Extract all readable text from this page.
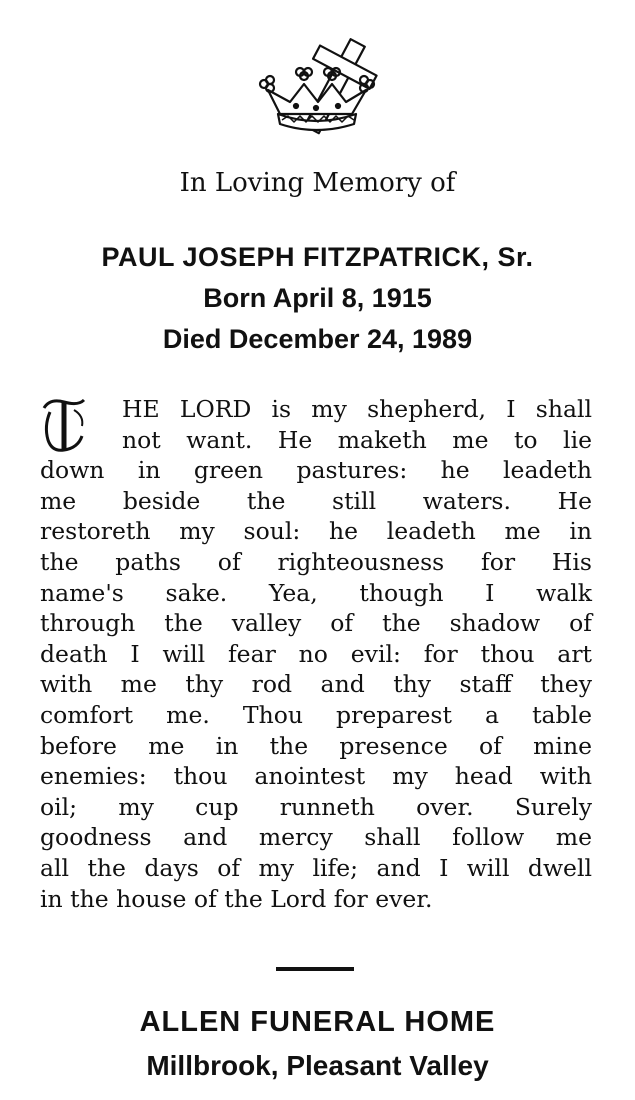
In Loving Memory of
PAUL JOSEPH FITZPATRICK, Sr.
Born April 8, 1915
Died December 24, 1989
HE LORD is my shepherd, I shall
not want. He maketh me to lie
down in green pastures: he leadeth
me beside the still waters. He
restoreth my soul: he leadeth me in
the paths of righteousness for His
name's sake. Yea, though I walk
through the valley of the shadow of
death I will fear no evil: for thou art
with me thy rod and thy staff they
comfort me. Thou preparest a table
before me in the presence of mine
enemies: thou anointest my head with
oil; my cup runneth over. Surely
goodness and mercy shall follow me
all the days of my life; and I will dwell
in the house of the Lord for ever.
ALLEN FUNERAL HOME
Millbrook, Pleasant Valley
